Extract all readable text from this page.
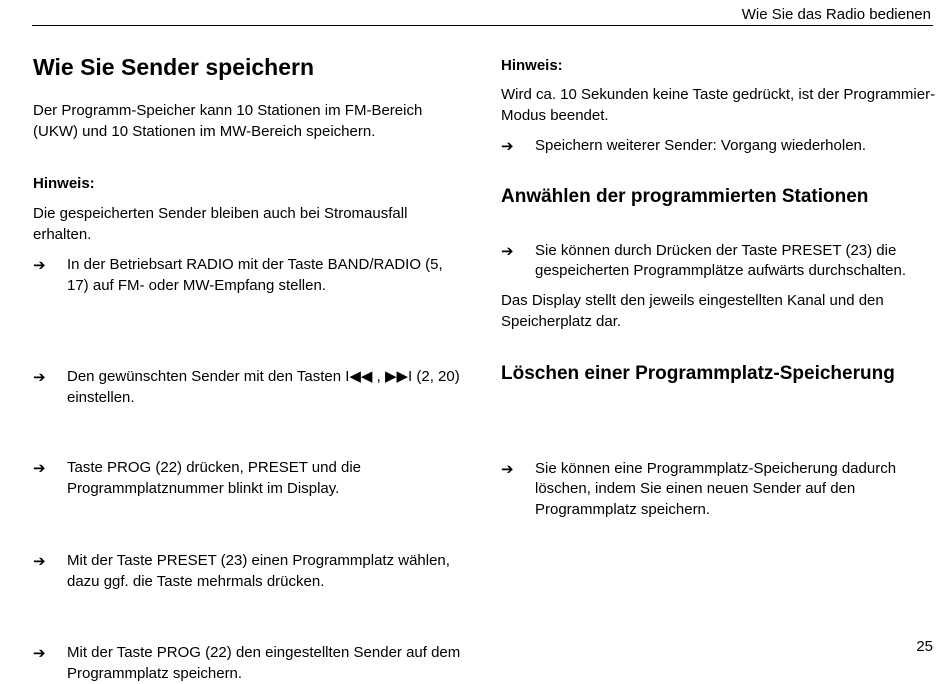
Wie Sie das Radio bedienen
Wie Sie Sender speichern

Der Programm-Speicher kann 10 Stationen im FM-Bereich (UKW) und 10 Stationen im MW-Bereich speichern.

Hinweis:

Die gespeicherten Sender bleiben auch bei Stromausfall erhalten.

➔ In der Betriebsart RADIO mit der Taste BAND/RADIO (5, 17) auf FM- oder MW-Empfang stellen.

➔ Den gewünschten Sender mit den Tasten I◀◀ , ▶▶I (2, 20) einstellen.

➔ Taste PROG (22) drücken, PRESET und die Programmplatznummer blinkt im Display.

➔ Mit der Taste PRESET (23) einen Programmplatz wählen, dazu ggf. die Taste mehrmals drücken.

➔ Mit der Taste PROG (22) den eingestellten Sender auf dem Programmplatz speichern.

Hinweis:

Wird ca. 10 Sekunden keine Taste gedrückt, ist der Programmier-Modus beendet.

➔ Speichern weiterer Sender: Vorgang wiederholen.

Anwählen der programmierten Stationen
➔ Sie können durch Drücken der Taste PRESET (23) die gespeicherten Programmplätze aufwärts durchschalten.

Das Display stellt den jeweils eingestellten Kanal und den Speicherplatz dar.

Löschen einer Programmplatz-Speicherung
➔ Sie können eine Programmplatz-Speicherung dadurch löschen, indem Sie einen neuen Sender auf den Programmplatz speichern.

25
